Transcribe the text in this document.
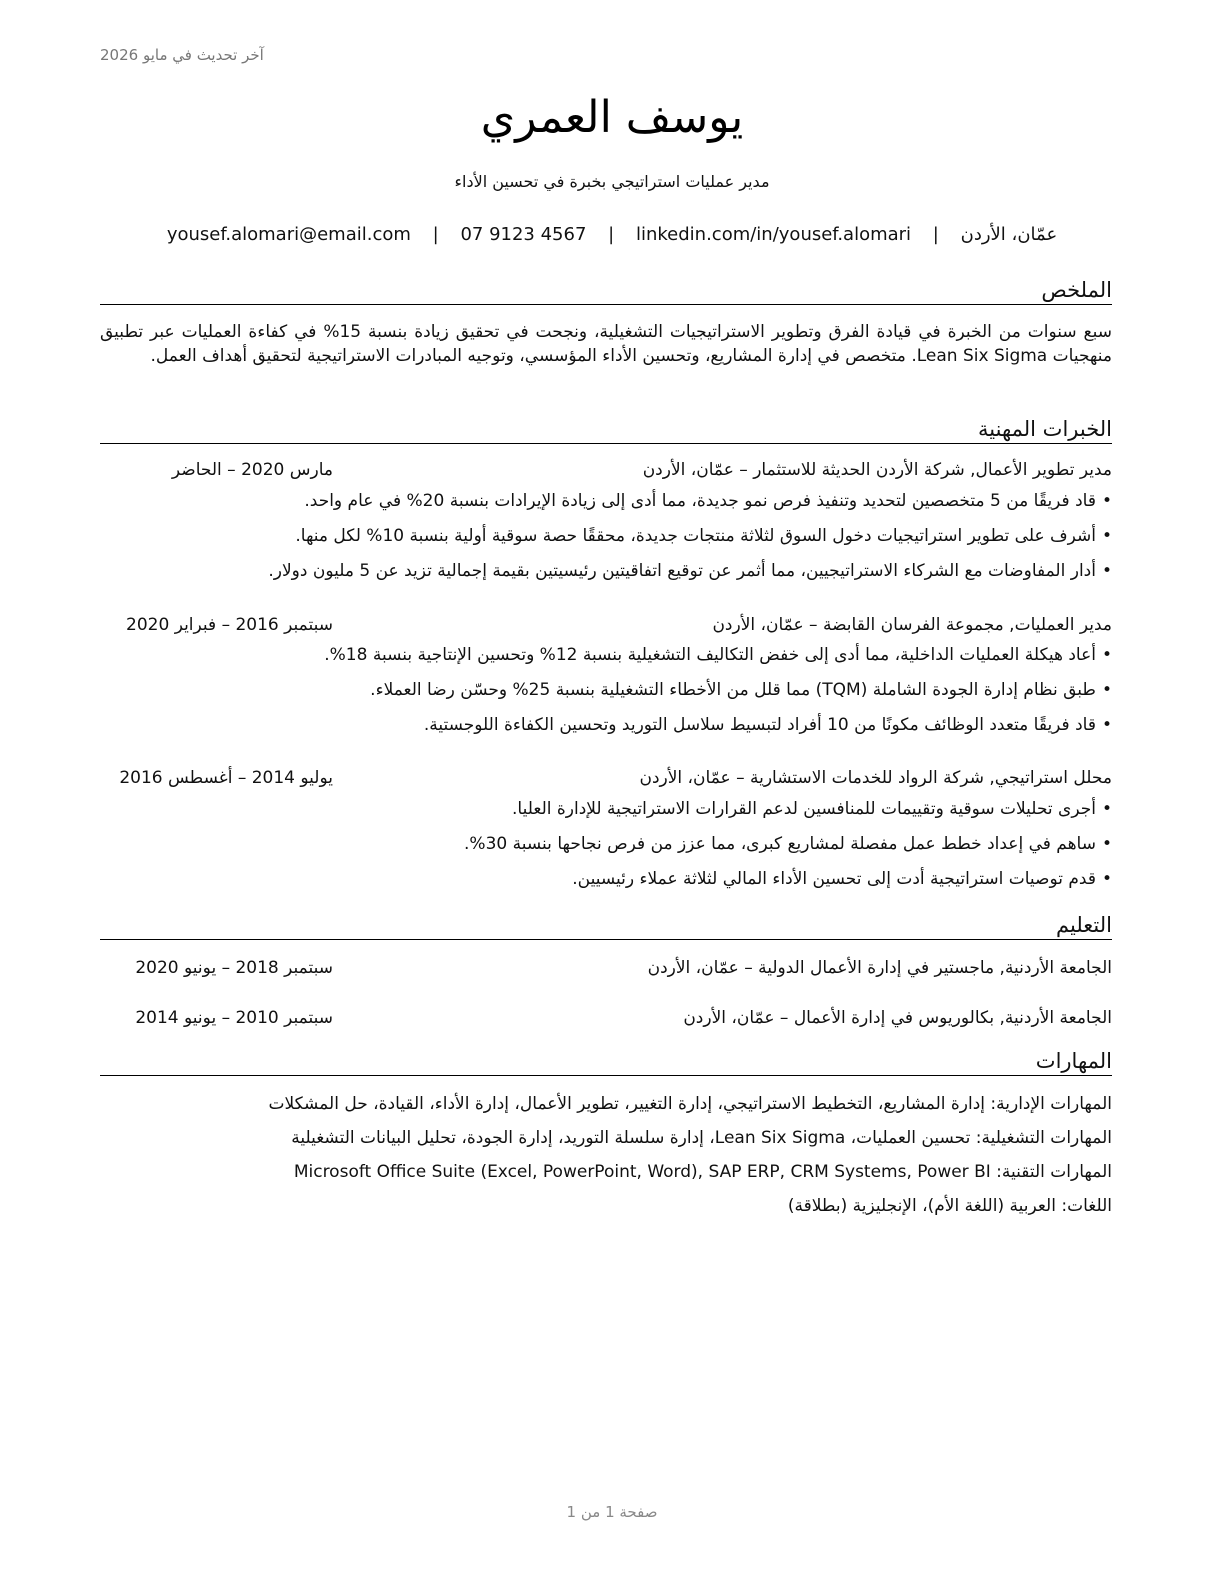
آخر تحديث في مايو 2026
يوسف العمري
مدير عمليات استراتيجي بخبرة في تحسين الأداء
عمّان، الأردن | yousef.alomari@email.com | 07 9123 4567 | linkedin.com/in/yousef.alomari
الملخص
سبع سنوات من الخبرة في قيادة الفرق وتطوير الاستراتيجيات التشغيلية، ونجحت في تحقيق زيادة بنسبة 15% في كفاءة العمليات عبر تطبيق منهجيات Lean Six Sigma. متخصص في إدارة المشاريع، وتحسين الأداء المؤسسي، وتوجيه المبادرات الاستراتيجية لتحقيق أهداف العمل.
الخبرات المهنية
مدير تطوير الأعمال, شركة الأردن الحديثة للاستثمار – عمّان، الأردن
مارس 2020 – الحاضر
•قاد فريقًا من 5 متخصصين لتحديد وتنفيذ فرص نمو جديدة، مما أدى إلى زيادة الإيرادات بنسبة 20% في عام واحد.
•أشرف على تطوير استراتيجيات دخول السوق لثلاثة منتجات جديدة، محققًا حصة سوقية أولية بنسبة 10% لكل منها.
•أدار المفاوضات مع الشركاء الاستراتيجيين، مما أثمر عن توقيع اتفاقيتين رئيسيتين بقيمة إجمالية تزيد عن 5 مليون دولار.
مدير العمليات, مجموعة الفرسان القابضة – عمّان، الأردن
سبتمبر 2016 – فبراير 2020
•أعاد هيكلة العمليات الداخلية، مما أدى إلى خفض التكاليف التشغيلية بنسبة 12% وتحسين الإنتاجية بنسبة 18%.
•طبق نظام إدارة الجودة الشاملة (TQM) مما قلل من الأخطاء التشغيلية بنسبة 25% وحسّن رضا العملاء.
•قاد فريقًا متعدد الوظائف مكونًا من 10 أفراد لتبسيط سلاسل التوريد وتحسين الكفاءة اللوجستية.
محلل استراتيجي, شركة الرواد للخدمات الاستشارية – عمّان، الأردن
يوليو 2014 – أغسطس 2016
•أجرى تحليلات سوقية وتقييمات للمنافسين لدعم القرارات الاستراتيجية للإدارة العليا.
•ساهم في إعداد خطط عمل مفصلة لمشاريع كبرى، مما عزز من فرص نجاحها بنسبة 30%.
•قدم توصيات استراتيجية أدت إلى تحسين الأداء المالي لثلاثة عملاء رئيسيين.
التعليم
الجامعة الأردنية, ماجستير في إدارة الأعمال الدولية – عمّان، الأردن
سبتمبر 2018 – يونيو 2020
الجامعة الأردنية, بكالوريوس في إدارة الأعمال – عمّان، الأردن
سبتمبر 2010 – يونيو 2014
المهارات
المهارات الإدارية: إدارة المشاريع، التخطيط الاستراتيجي، إدارة التغيير، تطوير الأعمال، إدارة الأداء، القيادة، حل المشكلات
المهارات التشغيلية: تحسين العمليات، Lean Six Sigma، إدارة سلسلة التوريد، إدارة الجودة، تحليل البيانات التشغيلية
المهارات التقنية: Microsoft Office Suite (Excel, PowerPoint, Word), SAP ERP, CRM Systems, Power BI
اللغات: العربية (اللغة الأم)، الإنجليزية (بطلاقة)
صفحة 1 من 1
